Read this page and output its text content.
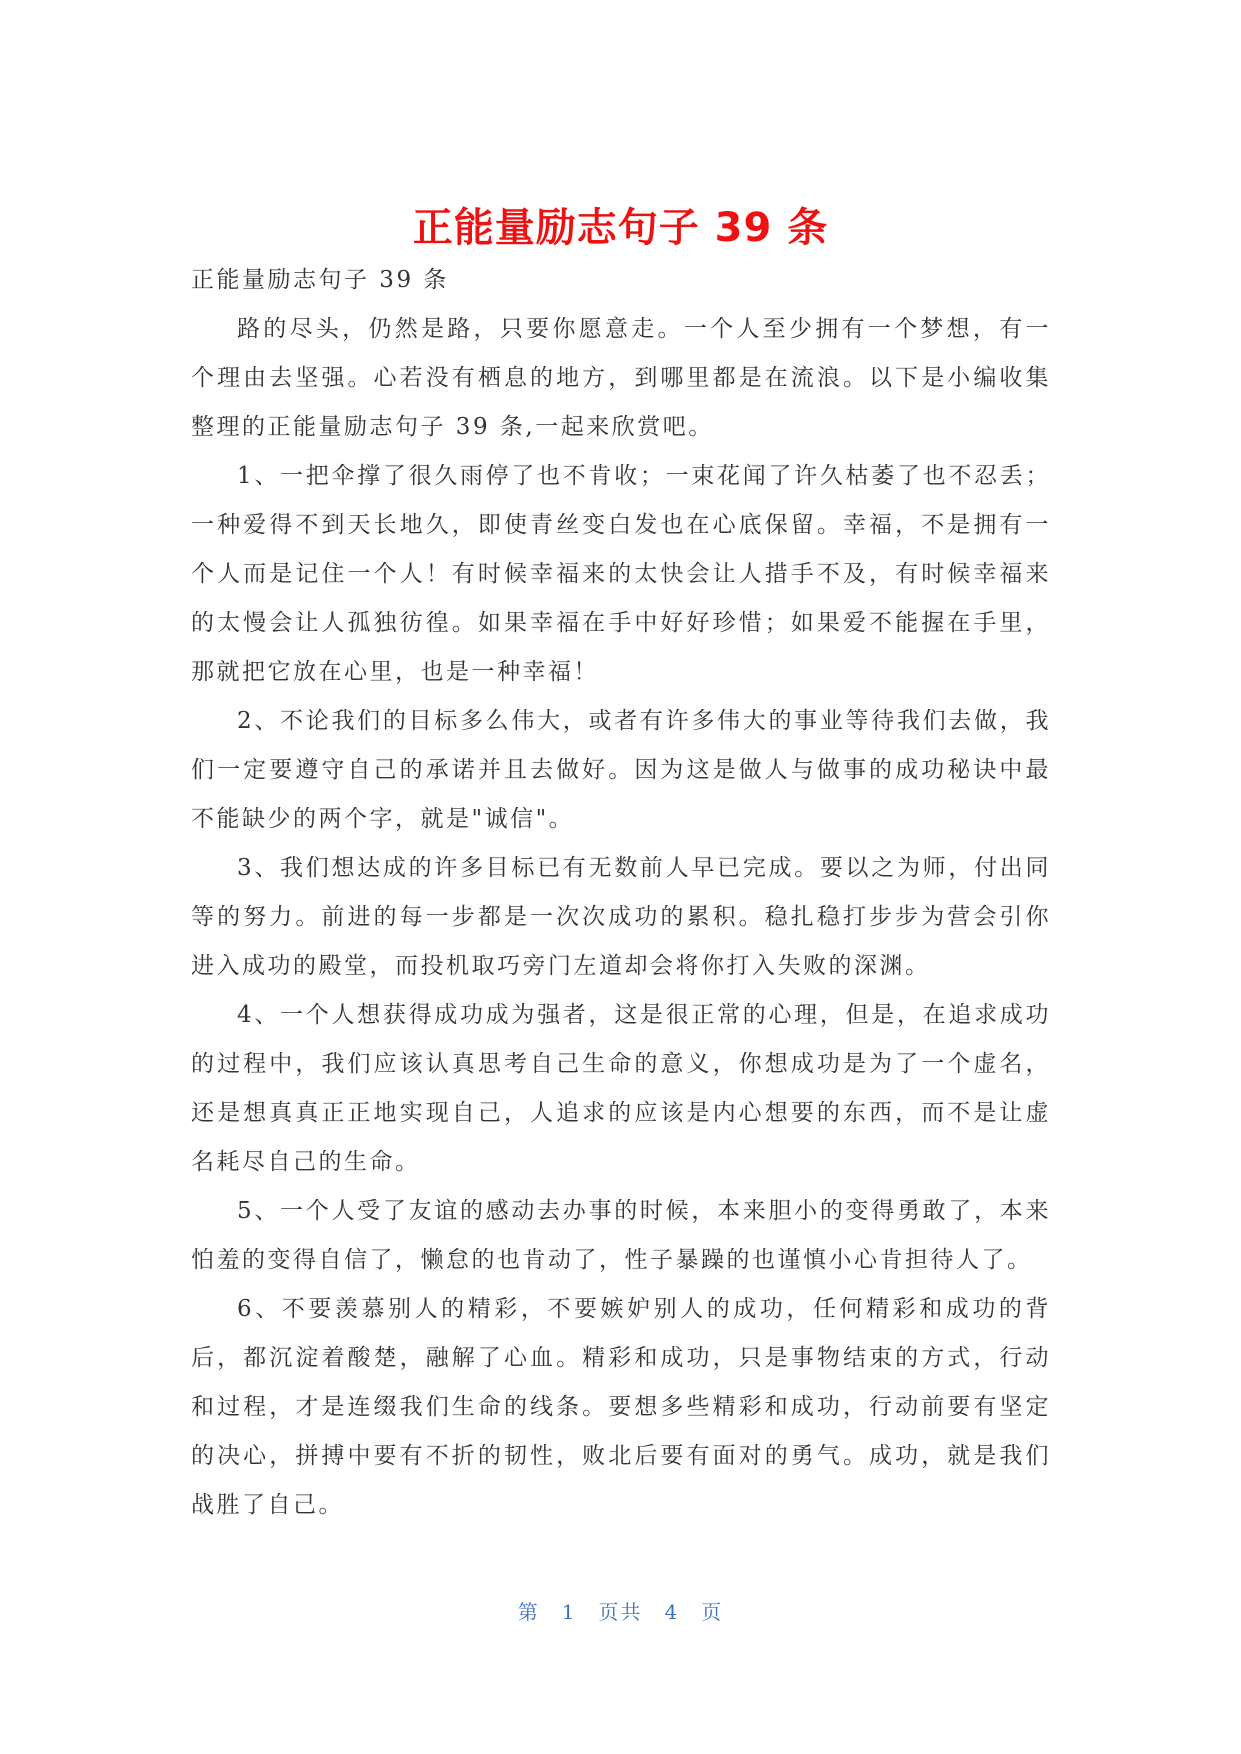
正能量励志句子 39 条

正能量励志句子 39 条

路的尽头，仍然是路，只要你愿意走。一个人至少拥有一个梦想，有一个理由去坚强。心若没有栖息的地方，到哪里都是在流浪。以下是小编收集整理的正能量励志句子 39 条,一起来欣赏吧。

1、一把伞撑了很久雨停了也不肯收；一束花闻了许久枯萎了也不忍丢；一种爱得不到天长地久，即使青丝变白发也在心底保留。幸福，不是拥有一个人而是记住一个人！有时候幸福来的太快会让人措手不及，有时候幸福来的太慢会让人孤独彷徨。如果幸福在手中好好珍惜；如果爱不能握在手里，那就把它放在心里，也是一种幸福！

2、不论我们的目标多么伟大，或者有许多伟大的事业等待我们去做，我们一定要遵守自己的承诺并且去做好。因为这是做人与做事的成功秘诀中最不能缺少的两个字，就是"诚信"。

3、我们想达成的许多目标已有无数前人早已完成。要以之为师，付出同等的努力。前进的每一步都是一次次成功的累积。稳扎稳打步步为营会引你进入成功的殿堂，而投机取巧旁门左道却会将你打入失败的深渊。

4、一个人想获得成功成为强者，这是很正常的心理，但是，在追求成功的过程中，我们应该认真思考自己生命的意义，你想成功是为了一个虚名，还是想真真正正地实现自己，人追求的应该是内心想要的东西，而不是让虚名耗尽自己的生命。

5、一个人受了友谊的感动去办事的时候，本来胆小的变得勇敢了，本来怕羞的变得自信了，懒怠的也肯动了，性子暴躁的也谨慎小心肯担待人了。

6、不要羡慕别人的精彩，不要嫉妒别人的成功，任何精彩和成功的背后，都沉淀着酸楚，融解了心血。精彩和成功，只是事物结束的方式，行动和过程，才是连缀我们生命的线条。要想多些精彩和成功，行动前要有坚定的决心，拼搏中要有不折的韧性，败北后要有面对的勇气。成功，就是我们战胜了自己。

第 1 页共 4 页
